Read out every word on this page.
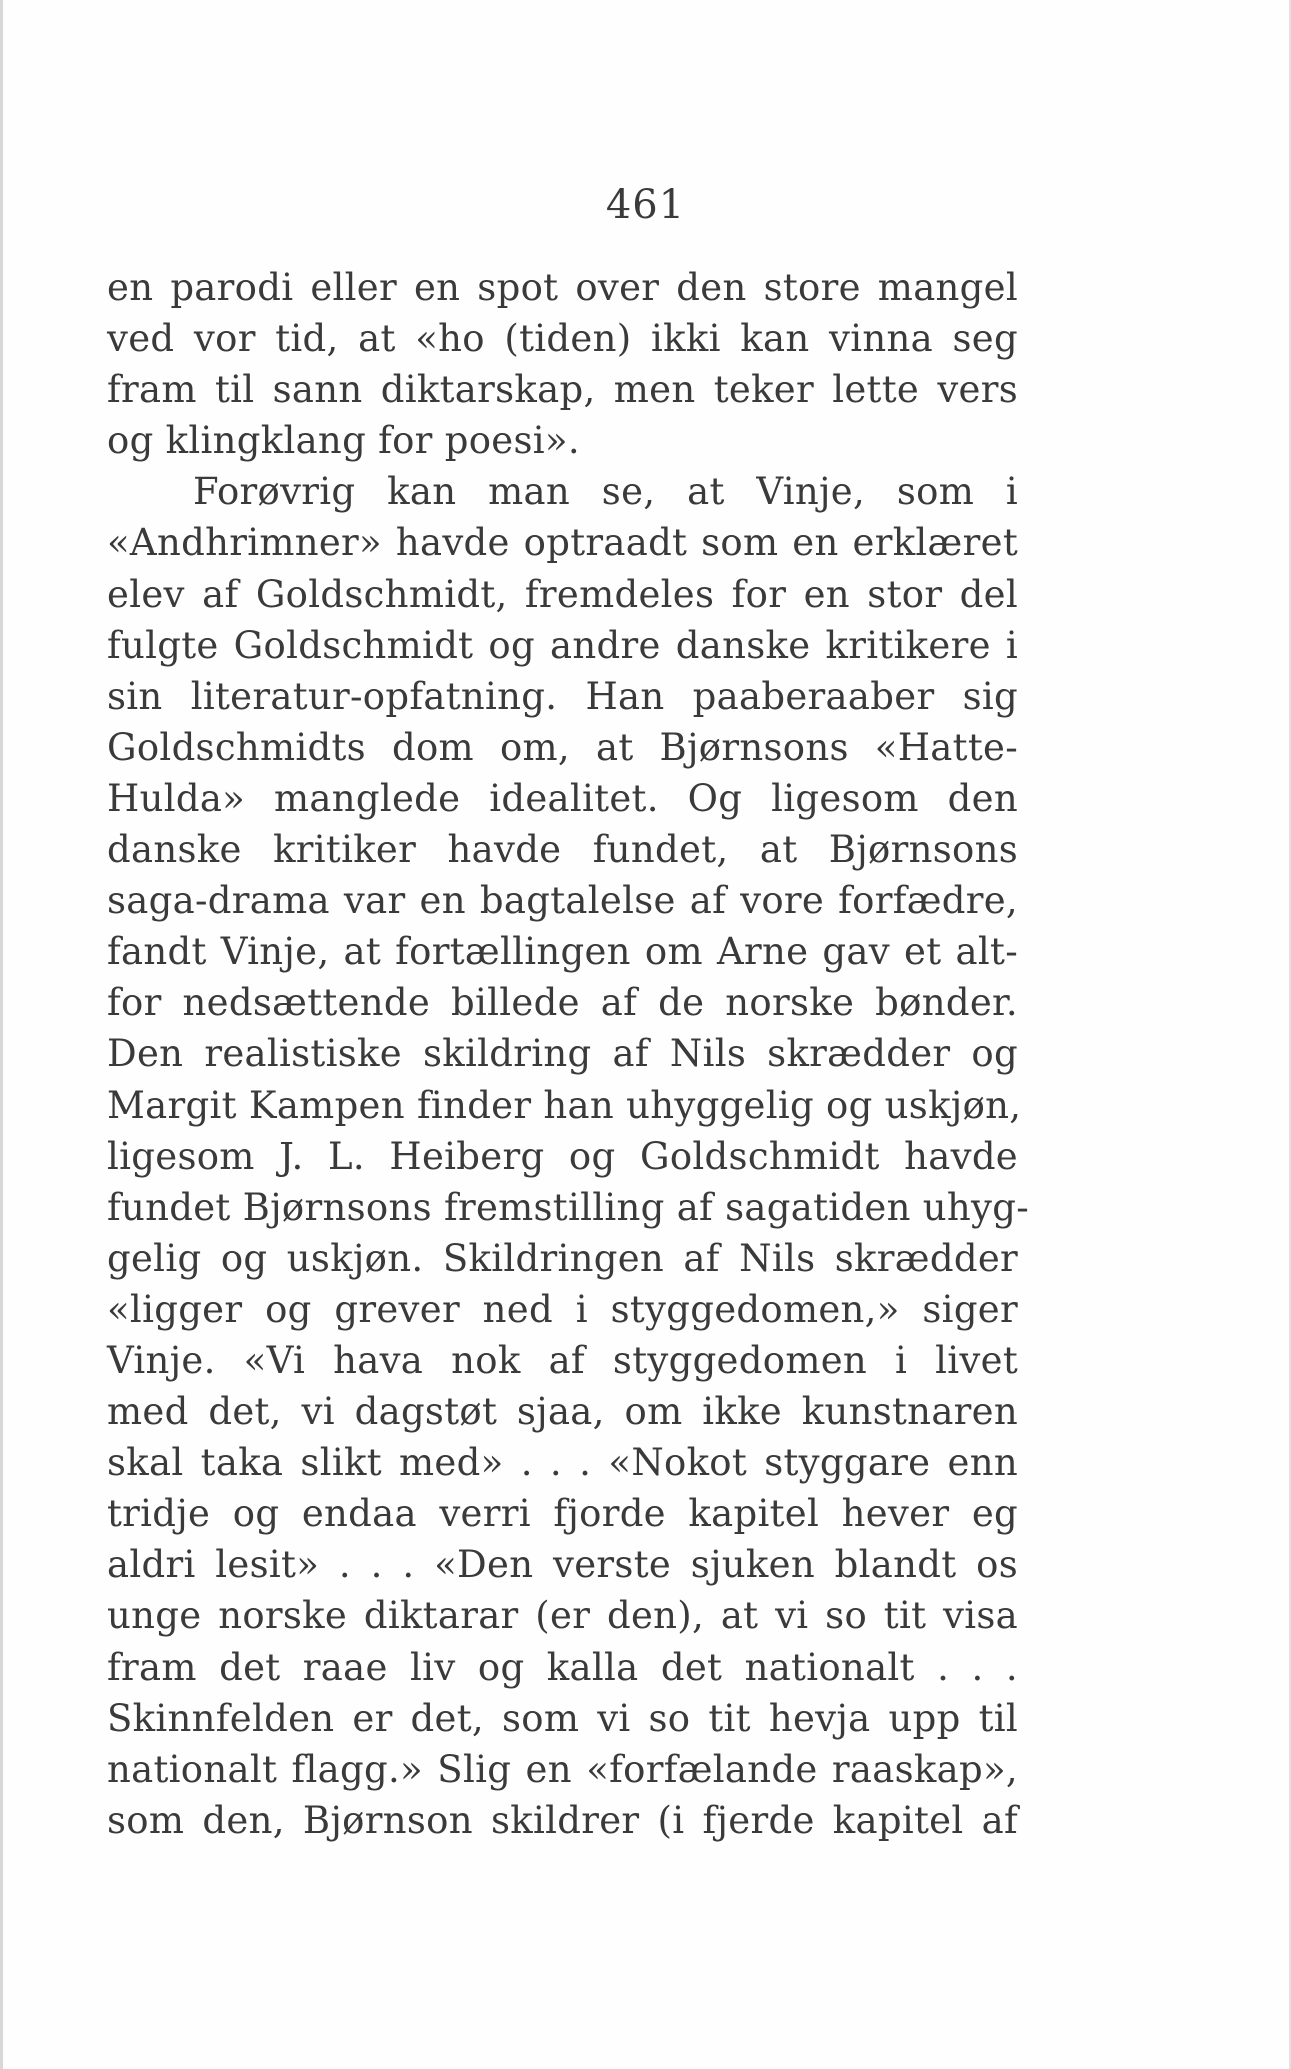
461
en parodi eller en spot over den store mangel
ved vor tid, at «ho (tiden) ikki kan vinna seg
fram til sann diktarskap, men teker lette vers
og klingklang for poesi».
Forøvrig kan man se, at Vinje, som i
«Andhrimner» havde optraadt som en erklæret
elev af Goldschmidt, fremdeles for en stor del
fulgte Goldschmidt og andre danske kritikere i
sin literatur-opfatning. Han paaberaaber sig
Goldschmidts dom om, at Bjørnsons «Hatte-
Hulda» manglede idealitet. Og ligesom den
danske kritiker havde fundet, at Bjørnsons
saga-drama var en bagtalelse af vore forfædre,
fandt Vinje, at fortællingen om Arne gav et alt-
for nedsættende billede af de norske bønder.
Den realistiske skildring af Nils skrædder og
Margit Kampen finder han uhyggelig og uskjøn,
ligesom J. L. Heiberg og Goldschmidt havde
fundet Bjørnsons fremstilling af sagatiden uhyg-
gelig og uskjøn. Skildringen af Nils skrædder
«ligger og grever ned i styggedomen,» siger
Vinje. «Vi hava nok af styggedomen i livet
med det, vi dagstøt sjaa, om ikke kunstnaren
skal taka slikt med» . . . «Nokot styggare enn
tridje og endaa verri fjorde kapitel hever eg
aldri lesit» . . . «Den verste sjuken blandt os
unge norske diktarar (er den), at vi so tit visa
fram det raae liv og kalla det nationalt . . .
Skinnfelden er det, som vi so tit hevja upp til
nationalt flagg.» Slig en «forfælande raaskap»,
som den, Bjørnson skildrer (i fjerde kapitel af
